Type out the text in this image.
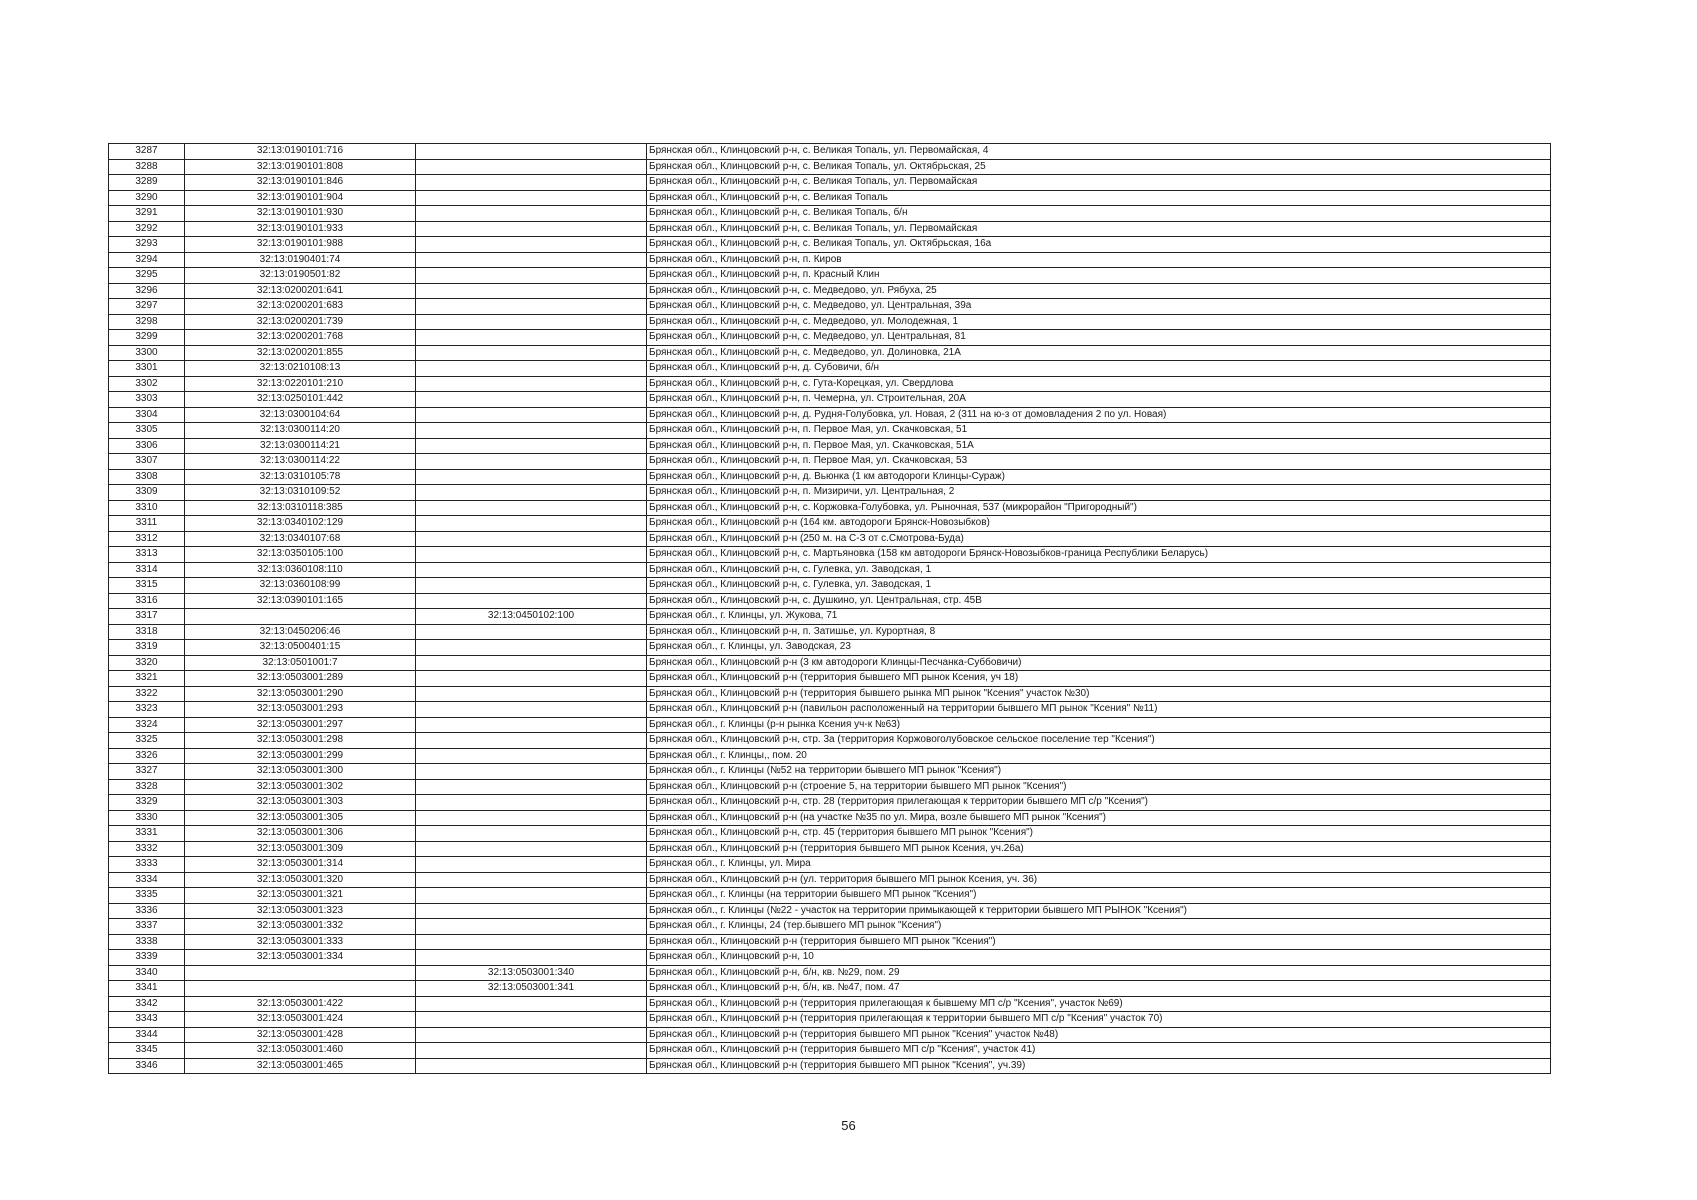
3287	32:13:0190101:716		Брянская обл., Клинцовский р-н, с. Великая Топаль, ул. Первомайская, 4
3288	32:13:0190101:808		Брянская обл., Клинцовский р-н, с. Великая Топаль, ул. Октябрьская, 25
3289	32:13:0190101:846		Брянская обл., Клинцовский р-н, с. Великая Топаль, ул. Первомайская
3290	32:13:0190101:904		Брянская обл., Клинцовский р-н, с. Великая Топаль
3291	32:13:0190101:930		Брянская обл., Клинцовский р-н, с. Великая Топаль, б/н
3292	32:13:0190101:933		Брянская обл., Клинцовский р-н, с. Великая Топаль, ул. Первомайская
3293	32:13:0190101:988		Брянская обл., Клинцовский р-н, с. Великая Топаль, ул. Октябрьская, 16а
3294	32:13:0190401:74		Брянская обл., Клинцовский р-н, п. Киров
3295	32:13:0190501:82		Брянская обл., Клинцовский р-н, п. Красный Клин
3296	32:13:0200201:641		Брянская обл., Клинцовский р-н, с. Медведово, ул. Рябуха, 25
3297	32:13:0200201:683		Брянская обл., Клинцовский р-н, с. Медведово, ул. Центральная, 39а
3298	32:13:0200201:739		Брянская обл., Клинцовский р-н, с. Медведово, ул. Молодежная, 1
3299	32:13:0200201:768		Брянская обл., Клинцовский р-н, с. Медведово, ул. Центральная, 81
3300	32:13:0200201:855		Брянская обл., Клинцовский р-н, с. Медведово, ул. Долиновка, 21А
3301	32:13:0210108:13		Брянская обл., Клинцовский р-н, д. Субовичи, б/н
3302	32:13:0220101:210		Брянская обл., Клинцовский р-н, с. Гута-Корецкая, ул. Свердлова
3303	32:13:0250101:442		Брянская обл., Клинцовский р-н, п. Чемерна, ул. Строительная, 20А
3304	32:13:0300104:64		Брянская обл., Клинцовский р-н, д. Рудня-Голубовка, ул. Новая, 2 (311 на ю-з от домовладения 2 по ул. Новая)
3305	32:13:0300114:20		Брянская обл., Клинцовский р-н, п. Первое Мая, ул. Скачковская, 51
3306	32:13:0300114:21		Брянская обл., Клинцовский р-н, п. Первое Мая, ул. Скачковская, 51А
3307	32:13:0300114:22		Брянская обл., Клинцовский р-н, п. Первое Мая, ул. Скачковская, 53
3308	32:13:0310105:78		Брянская обл., Клинцовский р-н, д. Вьюнка (1 км автодороги Клинцы-Сураж)
3309	32:13:0310109:52		Брянская обл., Клинцовский р-н, п. Мизиричи, ул. Центральная, 2
3310	32:13:0310118:385		Брянская обл., Клинцовский р-н, с. Коржовка-Голубовка, ул. Рыночная, 537 (микрорайон "Пригородный")
3311	32:13:0340102:129		Брянская обл., Клинцовский р-н (164 км. автодороги Брянск-Новозыбков)
3312	32:13:0340107:68		Брянская обл., Клинцовский р-н (250 м. на С-З от с.Смотрова-Буда)
3313	32:13:0350105:100		Брянская обл., Клинцовский р-н, с. Мартьяновка (158 км автодороги Брянск-Новозыбков-граница Республики Беларусь)
3314	32:13:0360108:110		Брянская обл., Клинцовский р-н, с. Гулевка, ул. Заводская, 1
3315	32:13:0360108:99		Брянская обл., Клинцовский р-н, с. Гулевка, ул. Заводская, 1
3316	32:13:0390101:165		Брянская обл., Клинцовский р-н, с. Душкино, ул. Центральная, стр. 45В
3317		32:13:0450102:100	Брянская обл., г. Клинцы, ул. Жукова, 71
3318	32:13:0450206:46		Брянская обл., Клинцовский р-н, п. Затишье, ул. Курортная, 8
3319	32:13:0500401:15		Брянская обл., г. Клинцы, ул. Заводская, 23
3320	32:13:0501001:7		Брянская обл., Клинцовский р-н (3 км автодороги Клинцы-Песчанка-Суббовичи)
3321	32:13:0503001:289		Брянская обл., Клинцовский р-н (территория бывшего МП рынок Ксения, уч 18)
3322	32:13:0503001:290		Брянская обл., Клинцовский р-н (территория бывшего рынка МП рынок "Ксения" участок №30)
3323	32:13:0503001:293		Брянская обл., Клинцовский р-н (павильон расположенный на территории бывшего МП рынок "Ксения" №11)
3324	32:13:0503001:297		Брянская обл., г. Клинцы (р-н рынка Ксения уч-к №63)
3325	32:13:0503001:298		Брянская обл., Клинцовский р-н, стр. 3а (территория Коржовоголубовское сельское поселение тер "Ксения")
3326	32:13:0503001:299		Брянская обл., г. Клинцы,, пом. 20
3327	32:13:0503001:300		Брянская обл., г. Клинцы (№52 на территории бывшего МП рынок "Ксения")
3328	32:13:0503001:302		Брянская обл., Клинцовский р-н (строение 5, на территории бывшего МП рынок "Ксения")
3329	32:13:0503001:303		Брянская обл., Клинцовский р-н, стр. 28 (территория прилегающая к территории бывшего МП с/р "Ксения")
3330	32:13:0503001:305		Брянская обл., Клинцовский р-н (на участке №35 по ул. Мира, возле бывшего МП рынок "Ксения")
3331	32:13:0503001:306		Брянская обл., Клинцовский р-н, стр. 45 (территория бывшего МП рынок "Ксения")
3332	32:13:0503001:309		Брянская обл., Клинцовский р-н (территория бывшего МП рынок Ксения, уч.26а)
3333	32:13:0503001:314		Брянская обл., г. Клинцы, ул. Мира
3334	32:13:0503001:320		Брянская обл., Клинцовский р-н (ул. территория бывшего МП рынок Ксения, уч. 36)
3335	32:13:0503001:321		Брянская обл., г. Клинцы (на территории бывшего МП рынок "Ксения")
3336	32:13:0503001:323		Брянская обл., г. Клинцы (№22 - участок на территории примыкающей к территории бывшего МП РЫНОК "Ксения")
3337	32:13:0503001:332		Брянская обл., г. Клинцы, 24 (тер.бывшего МП рынок "Ксения")
3338	32:13:0503001:333		Брянская обл., Клинцовский р-н (территория бывшего МП рынок "Ксения")
3339	32:13:0503001:334		Брянская обл., Клинцовский р-н, 10
3340		32:13:0503001:340	Брянская обл., Клинцовский р-н, б/н, кв. №29, пом. 29
3341		32:13:0503001:341	Брянская обл., Клинцовский р-н, б/н, кв. №47, пом. 47
3342	32:13:0503001:422		Брянская обл., Клинцовский р-н (территория прилегающая к бывшему МП с/р "Ксения", участок №69)
3343	32:13:0503001:424		Брянская обл., Клинцовский р-н (территория прилегающая к территории бывшего МП с/р "Ксения" участок 70)
3344	32:13:0503001:428		Брянская обл., Клинцовский р-н (территория бывшего МП рынок "Ксения" участок №48)
3345	32:13:0503001:460		Брянская обл., Клинцовский р-н (территория бывшего МП с/р "Ксения", участок 41)
3346	32:13:0503001:465		Брянская обл., Клинцовский р-н (территория бывшего МП рынок "Ксения", уч.39)
56
